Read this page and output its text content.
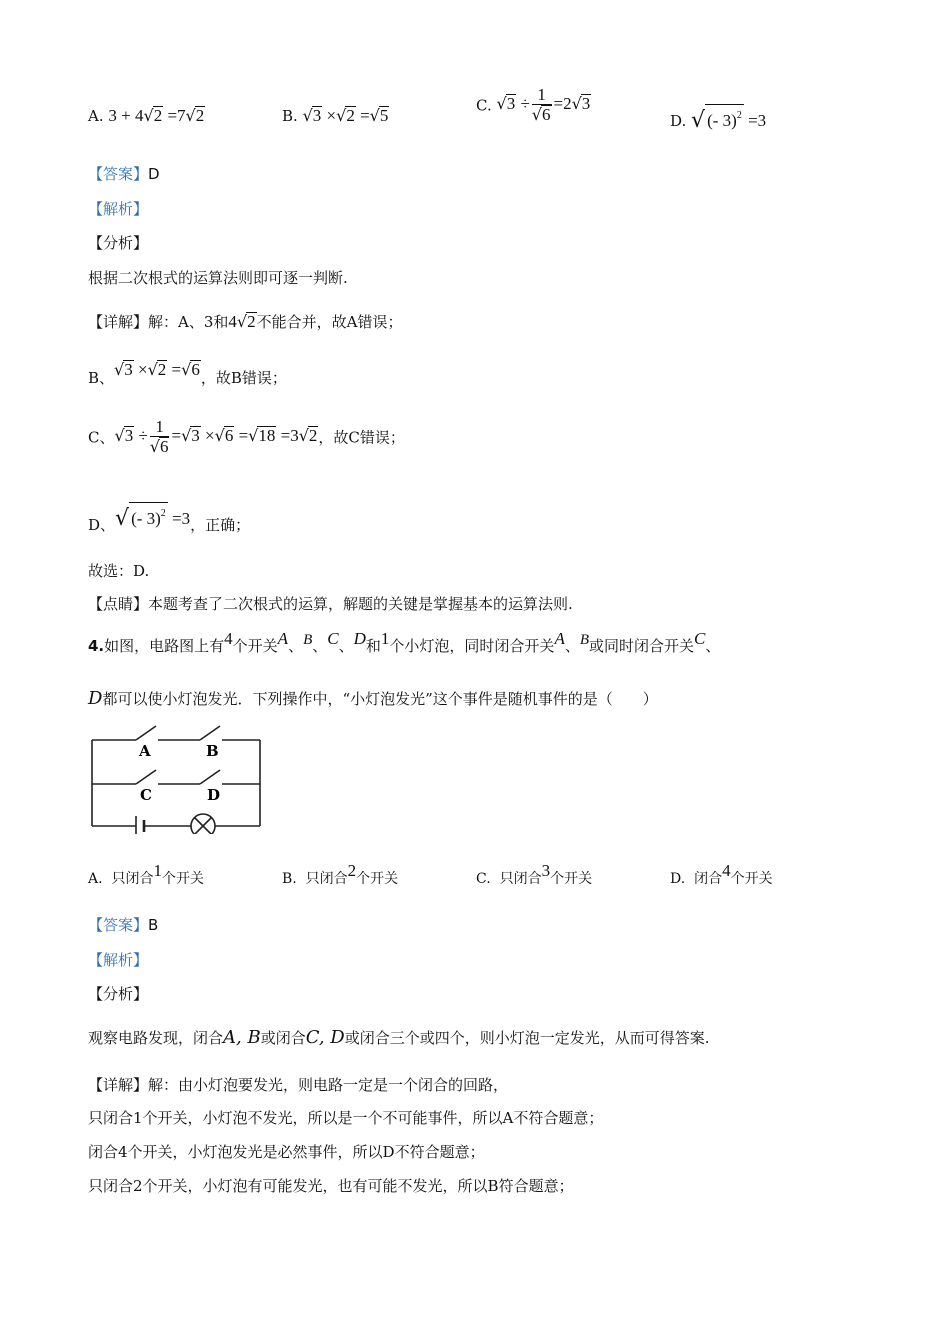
A. 3 + 4√2 =7√2	B. √3 ×√2 =√5
C. $√3 \div \frac{1}{√6} =2√3$
D. √ (- 3)$^2$ =3
【答案】D
【解析】
【分析】
根据二次根式的运算法则即可逐一判断.
【详解】解：A、3和4√2不能合并，故A错误；
B、√3 ×√2 =√6，故B错误；
C、$√3 \div \frac{1}{√6} =√3 \times√6 =√18 =3√2$，故C错误；
D、√ (- 3)$^2$ =3，正确；
故选：D.
【点睛】本题考查了二次根式的运算，解题的关键是掌握基本的运算法则.
4.如图，电路图上有4个开关A、B、C、D和1个小灯泡，同时闭合开关A、B或同时闭合开关C、
D都可以使小灯泡发光．下列操作中，“小灯泡发光”这个事件是随机事件的是（　　）
A	B
C	D
A. 只闭合1个开关	B. 只闭合2个开关	C. 只闭合3个开关	D. 闭合4个开关
【答案】B
【解析】
【分析】
观察电路发现，闭合A, B或闭合C, D或闭合三个或四个，则小灯泡一定发光，从而可得答案.
【详解】解：由小灯泡要发光，则电路一定是一个闭合的回路，
只闭合1个开关，小灯泡不发光，所以是一个不可能事件，所以A不符合题意；
闭合4个开关，小灯泡发光是必然事件，所以D不符合题意；
只闭合2个开关，小灯泡有可能发光，也有可能不发光，所以B符合题意；
